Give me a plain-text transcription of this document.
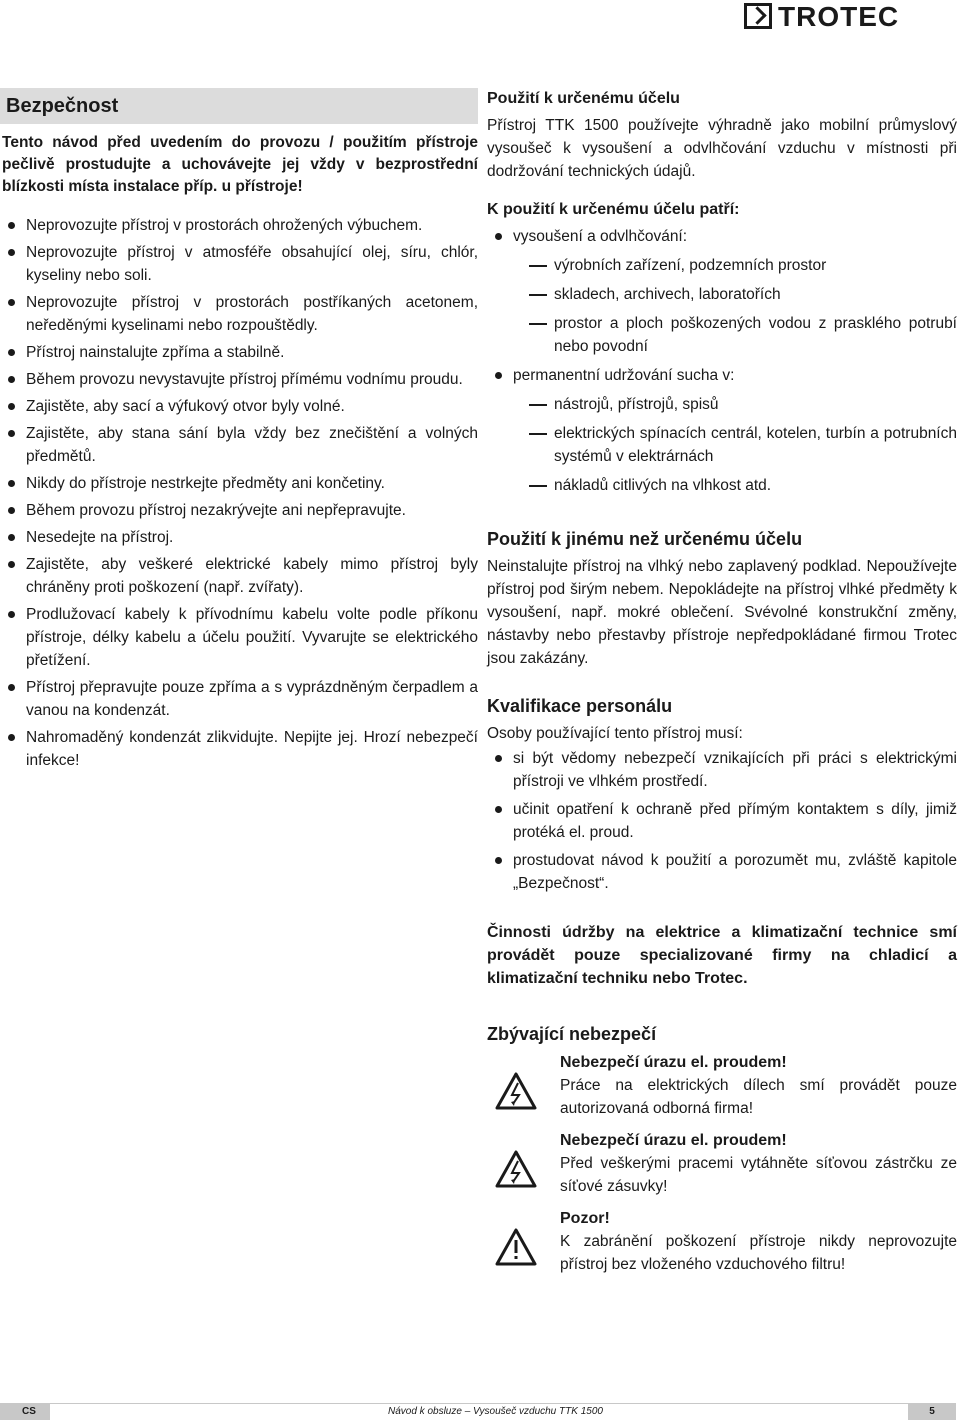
TROTEC
Bezpečnost

Tento návod před uvedením do provozu / použitím přístroje pečlivě prostudujte a uchovávejte jej vždy v bezprostřední blízkosti místa instalace příp. u přístroje!

Neprovozujte přístroj v prostorách ohrožených výbuchem.
Neprovozujte přístroj v atmosféře obsahující olej, síru, chlór, kyseliny nebo soli.
Neprovozujte přístroj v prostorách postříkaných acetonem, neředěnými kyselinami nebo rozpouštědly.
Přístroj nainstalujte zpříma a stabilně.
Během provozu nevystavujte přístroj přímému vodnímu proudu.
Zajistěte, aby sací a výfukový otvor byly volné.
Zajistěte, aby stana sání byla vždy bez znečištění a volných předmětů.
Nikdy do přístroje nestrkejte předměty ani končetiny.
Během provozu přístroj nezakrývejte ani nepřepravujte.
Nesedejte na přístroj.
Zajistěte, aby veškeré elektrické kabely mimo přístroj byly chráněny proti poškození (např. zvířaty).
Prodlužovací kabely k přívodnímu kabelu volte podle příkonu přístroje, délky kabelu a účelu použití. Vyvarujte se elektrického přetížení.
Přístroj přepravujte pouze zpříma a s vyprázdněným čerpadlem a vanou na kondenzát.
Nahromaděný kondenzát zlikvidujte. Nepijte jej. Hrozí nebezpečí infekce!
Použití k určenému účelu

Přístroj TTK 1500 používejte výhradně jako mobilní průmyslový vysoušeč k vysoušení a odvlhčování vzduchu v místnosti při dodržování technických údajů.

K použití k určenému účelu patří:
vysoušení a odvlhčování:
výrobních zařízení, podzemních prostor
skladech, archivech, laboratořích
prostor a ploch poškozených vodou z prasklého potrubí nebo povodní
permanentní udržování sucha v:
nástrojů, přístrojů, spisů
elektrických spínacích centrál, kotelen, turbín a potrubních systémů v elektrárnách
nákladů citlivých na vlhkost atd.
Použití k jinému než určenému účelu

Neinstalujte přístroj na vlhký nebo zaplavený podklad. Nepoužívejte přístroj pod širým nebem. Nepokládejte na přístroj vlhké předměty k vysoušení, např. mokré oblečení. Svévolné konstrukční změny, nástavby nebo přestavby přístroje nepředpokládané firmou Trotec jsou zakázány.

Kvalifikace personálu

Osoby používající tento přístroj musí:

si být vědomy nebezpečí vznikajících při práci s elektrickými přístroji ve vlhkém prostředí.
učinit opatření k ochraně před přímým kontaktem s díly, jimiž protéká el. proud.
prostudovat návod k použití a porozumět mu, zvláště kapitole „Bezpečnost“.

Činnosti údržby na elektrice a klimatizační technice smí provádět pouze specializované firmy na chladicí a klimatizační techniku nebo Trotec.

Zbývající nebezpečí
Nebezpečí úrazu el. proudem!
Práce na elektrických dílech smí provádět pouze autorizovaná odborná firma!
Nebezpečí úrazu el. proudem!
Před veškerými pracemi vytáhněte síťovou zástrčku ze síťové zásuvky!
Pozor!
K zabránění poškození přístroje nikdy neprovozujte přístroj bez vloženého vzduchového filtru!
CS	Návod k obsluze – Vysoušeč vzduchu TTK 1500	5
